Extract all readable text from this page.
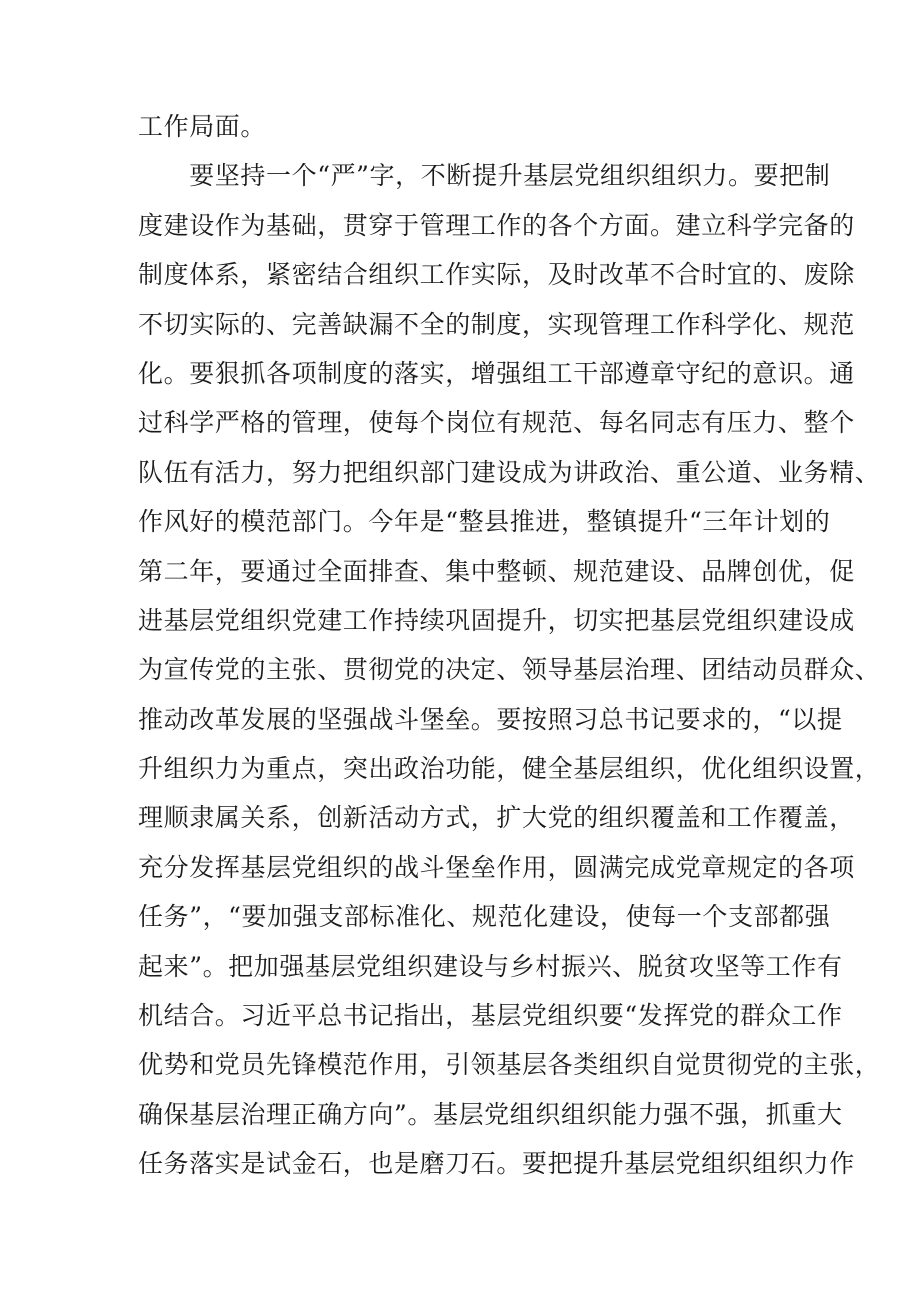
工作局面。
　　要坚持一个“严”字，不断提升基层党组织组织力。要把制
度建设作为基础，贯穿于管理工作的各个方面。建立科学完备的
制度体系，紧密结合组织工作实际，及时改革不合时宜的、废除
不切实际的、完善缺漏不全的制度，实现管理工作科学化、规范
化。要狠抓各项制度的落实，增强组工干部遵章守纪的意识。通
过科学严格的管理，使每个岗位有规范、每名同志有压力、整个
队伍有活力，努力把组织部门建设成为讲政治、重公道、业务精、
作风好的模范部门。今年是“整县推进，整镇提升“三年计划的
第二年，要通过全面排查、集中整顿、规范建设、品牌创优，促
进基层党组织党建工作持续巩固提升，切实把基层党组织建设成
为宣传党的主张、贯彻党的决定、领导基层治理、团结动员群众、
推动改革发展的坚强战斗堡垒。要按照习总书记要求的，“以提
升组织力为重点，突出政治功能，健全基层组织，优化组织设置，
理顺隶属关系，创新活动方式，扩大党的组织覆盖和工作覆盖，
充分发挥基层党组织的战斗堡垒作用，圆满完成党章规定的各项
任务”，“要加强支部标准化、规范化建设，使每一个支部都强
起来”。把加强基层党组织建设与乡村振兴、脱贫攻坚等工作有
机结合。习近平总书记指出，基层党组织要“发挥党的群众工作
优势和党员先锋模范作用，引领基层各类组织自觉贯彻党的主张，
确保基层治理正确方向”。基层党组织组织能力强不强，抓重大
任务落实是试金石，也是磨刀石。要把提升基层党组织组织力作
